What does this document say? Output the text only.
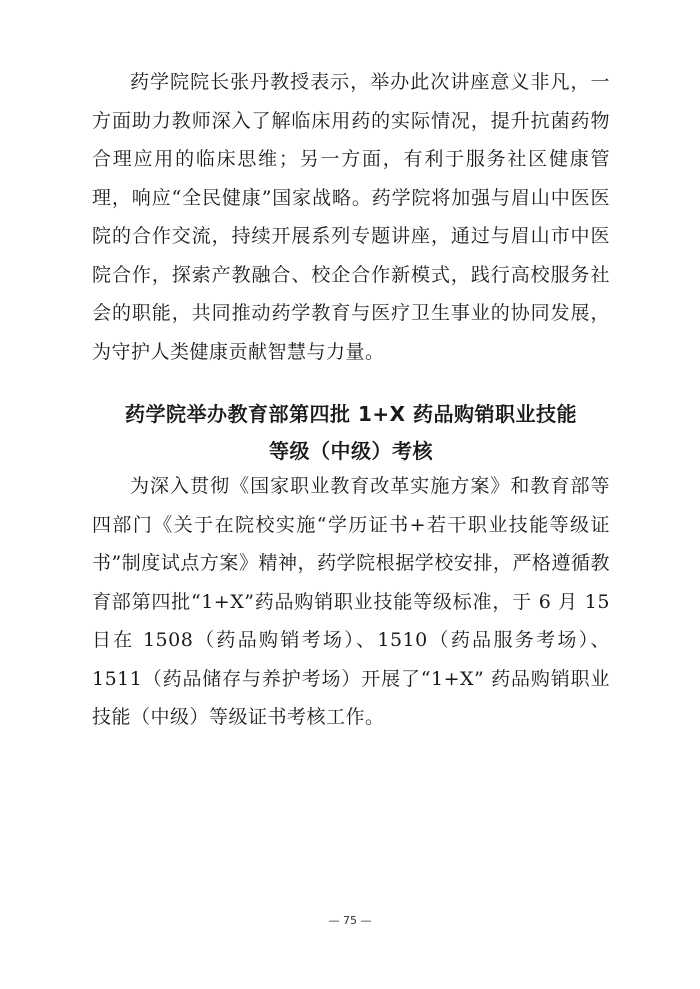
药学院院长张丹教授表示，举办此次讲座意义非凡，一方面助力教师深入了解临床用药的实际情况，提升抗菌药物合理应用的临床思维；另一方面，有利于服务社区健康管理，响应“全民健康”国家战略。药学院将加强与眉山中医医院的合作交流，持续开展系列专题讲座，通过与眉山市中医院合作，探索产教融合、校企合作新模式，践行高校服务社会的职能，共同推动药学教育与医疗卫生事业的协同发展，为守护人类健康贡献智慧与力量。

药学院举办教育部第四批 1+X 药品购销职业技能
等级（中级）考核

为深入贯彻《国家职业教育改革实施方案》和教育部等四部门《关于在院校实施“学历证书+若干职业技能等级证书”制度试点方案》精神，药学院根据学校安排，严格遵循教育部第四批“1+X”药品购销职业技能等级标准，于 6 月 15 日在 1508（药品购销考场）、1510（药品服务考场）、1511（药品储存与养护考场）开展了“1+X” 药品购销职业技能（中级）等级证书考核工作。

— 75 —
